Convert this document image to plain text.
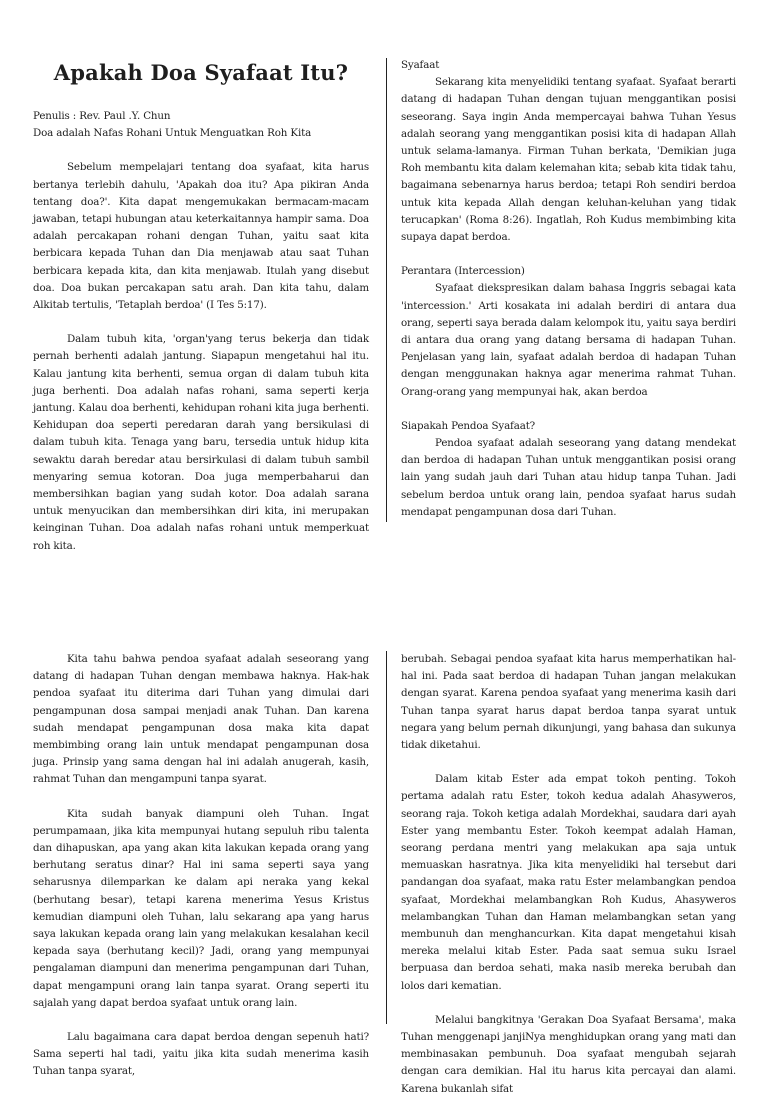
Apakah Doa Syafaat Itu?

Penulis : Rev. Paul .Y. Chun

Doa adalah Nafas Rohani Untuk Menguatkan Roh Kita

Sebelum mempelajari tentang doa syafaat, kita harus bertanya terlebih dahulu, 'Apakah doa itu? Apa pikiran Anda tentang doa?'. Kita dapat mengemukakan bermacam-macam jawaban, tetapi hubungan atau keterkaitannya hampir sama. Doa adalah percakapan rohani dengan Tuhan, yaitu saat kita berbicara kepada Tuhan dan Dia menjawab atau saat Tuhan berbicara kepada kita, dan kita menjawab. Itulah yang disebut doa. Doa bukan percakapan satu arah. Dan kita tahu, dalam Alkitab tertulis, 'Tetaplah berdoa' (I Tes 5:17).

Dalam tubuh kita, 'organ'yang terus bekerja dan tidak pernah berhenti adalah jantung. Siapapun mengetahui hal itu. Kalau jantung kita berhenti, semua organ di dalam tubuh kita juga berhenti. Doa adalah nafas rohani, sama seperti kerja jantung. Kalau doa berhenti, kehidupan rohani kita juga berhenti. Kehidupan doa seperti peredaran darah yang bersikulasi di dalam tubuh kita. Tenaga yang baru, tersedia untuk hidup kita sewaktu darah beredar atau bersirkulasi di dalam tubuh sambil menyaring semua kotoran. Doa juga memperbaharui dan membersihkan bagian yang sudah kotor. Doa adalah sarana untuk menyucikan dan membersihkan diri kita, ini merupakan keinginan Tuhan. Doa adalah nafas rohani untuk memperkuat roh kita.

Syafaat

Sekarang kita menyelidiki tentang syafaat. Syafaat berarti datang di hadapan Tuhan dengan tujuan menggantikan posisi seseorang. Saya ingin Anda mempercayai bahwa Tuhan Yesus adalah seorang yang menggantikan posisi kita di hadapan Allah untuk selama-lamanya. Firman Tuhan berkata, 'Demikian juga Roh membantu kita dalam kelemahan kita; sebab kita tidak tahu, bagaimana sebenarnya harus berdoa; tetapi Roh sendiri berdoa untuk kita kepada Allah dengan keluhan-keluhan yang tidak terucapkan' (Roma 8:26). Ingatlah, Roh Kudus membimbing kita supaya dapat berdoa.

Perantara (Intercession)

Syafaat diekspresikan dalam bahasa Inggris sebagai kata 'intercession.' Arti kosakata ini adalah berdiri di antara dua orang, seperti saya berada dalam kelompok itu, yaitu saya berdiri di antara dua orang yang datang bersama di hadapan Tuhan. Penjelasan yang lain, syafaat adalah berdoa di hadapan Tuhan dengan menggunakan haknya agar menerima rahmat Tuhan. Orang-orang yang mempunyai hak, akan berdoa

Siapakah Pendoa Syafaat?

Pendoa syafaat adalah seseorang yang datang mendekat dan berdoa di hadapan Tuhan untuk menggantikan posisi orang lain yang sudah jauh dari Tuhan atau hidup tanpa Tuhan. Jadi sebelum berdoa untuk orang lain, pendoa syafaat harus sudah mendapat pengampunan dosa dari Tuhan.

Kita tahu bahwa pendoa syafaat adalah seseorang yang datang di hadapan Tuhan dengan membawa haknya. Hak-hak pendoa syafaat itu diterima dari Tuhan yang dimulai dari pengampunan dosa sampai menjadi anak Tuhan. Dan karena sudah mendapat pengampunan dosa maka kita dapat membimbing orang lain untuk mendapat pengampunan dosa juga. Prinsip yang sama dengan hal ini adalah anugerah, kasih, rahmat Tuhan dan mengampuni tanpa syarat.

Kita sudah banyak diampuni oleh Tuhan. Ingat perumpamaan, jika kita mempunyai hutang sepuluh ribu talenta dan dihapuskan, apa yang akan kita lakukan kepada orang yang berhutang seratus dinar? Hal ini sama seperti saya yang seharusnya dilemparkan ke dalam api neraka yang kekal (berhutang besar), tetapi karena menerima Yesus Kristus kemudian diampuni oleh Tuhan, lalu sekarang apa yang harus saya lakukan kepada orang lain yang melakukan kesalahan kecil kepada saya (berhutang kecil)? Jadi, orang yang mempunyai pengalaman diampuni dan menerima pengampunan dari Tuhan, dapat mengampuni orang lain tanpa syarat. Orang seperti itu sajalah yang dapat berdoa syafaat untuk orang lain.

Lalu bagaimana cara dapat berdoa dengan sepenuh hati? Sama seperti hal tadi, yaitu jika kita sudah menerima kasih Tuhan tanpa syarat,

berubah. Sebagai pendoa syafaat kita harus memperhatikan hal-hal ini. Pada saat berdoa di hadapan Tuhan jangan melakukan dengan syarat. Karena pendoa syafaat yang menerima kasih dari Tuhan tanpa syarat harus dapat berdoa tanpa syarat untuk negara yang belum pernah dikunjungi, yang bahasa dan sukunya tidak diketahui.

Dalam kitab Ester ada empat tokoh penting. Tokoh pertama adalah ratu Ester, tokoh kedua adalah Ahasyweros, seorang raja. Tokoh ketiga adalah Mordekhai, saudara dari ayah Ester yang membantu Ester. Tokoh keempat adalah Haman, seorang perdana mentri yang melakukan apa saja untuk memuaskan hasratnya. Jika kita menyelidiki hal tersebut dari pandangan doa syafaat, maka ratu Ester melambangkan pendoa syafaat, Mordekhai melambangkan Roh Kudus, Ahasyweros melambangkan Tuhan dan Haman melambangkan setan yang membunuh dan menghancurkan. Kita dapat mengetahui kisah mereka melalui kitab Ester. Pada saat semua suku Israel berpuasa dan berdoa sehati, maka nasib mereka berubah dan lolos dari kematian.

Melalui bangkitnya 'Gerakan Doa Syafaat Bersama', maka Tuhan menggenapi janjiNya menghidupkan orang yang mati dan membinasakan pembunuh. Doa syafaat mengubah sejarah dengan cara demikian. Hal itu harus kita percayai dan alami. Karena bukanlah sifat
